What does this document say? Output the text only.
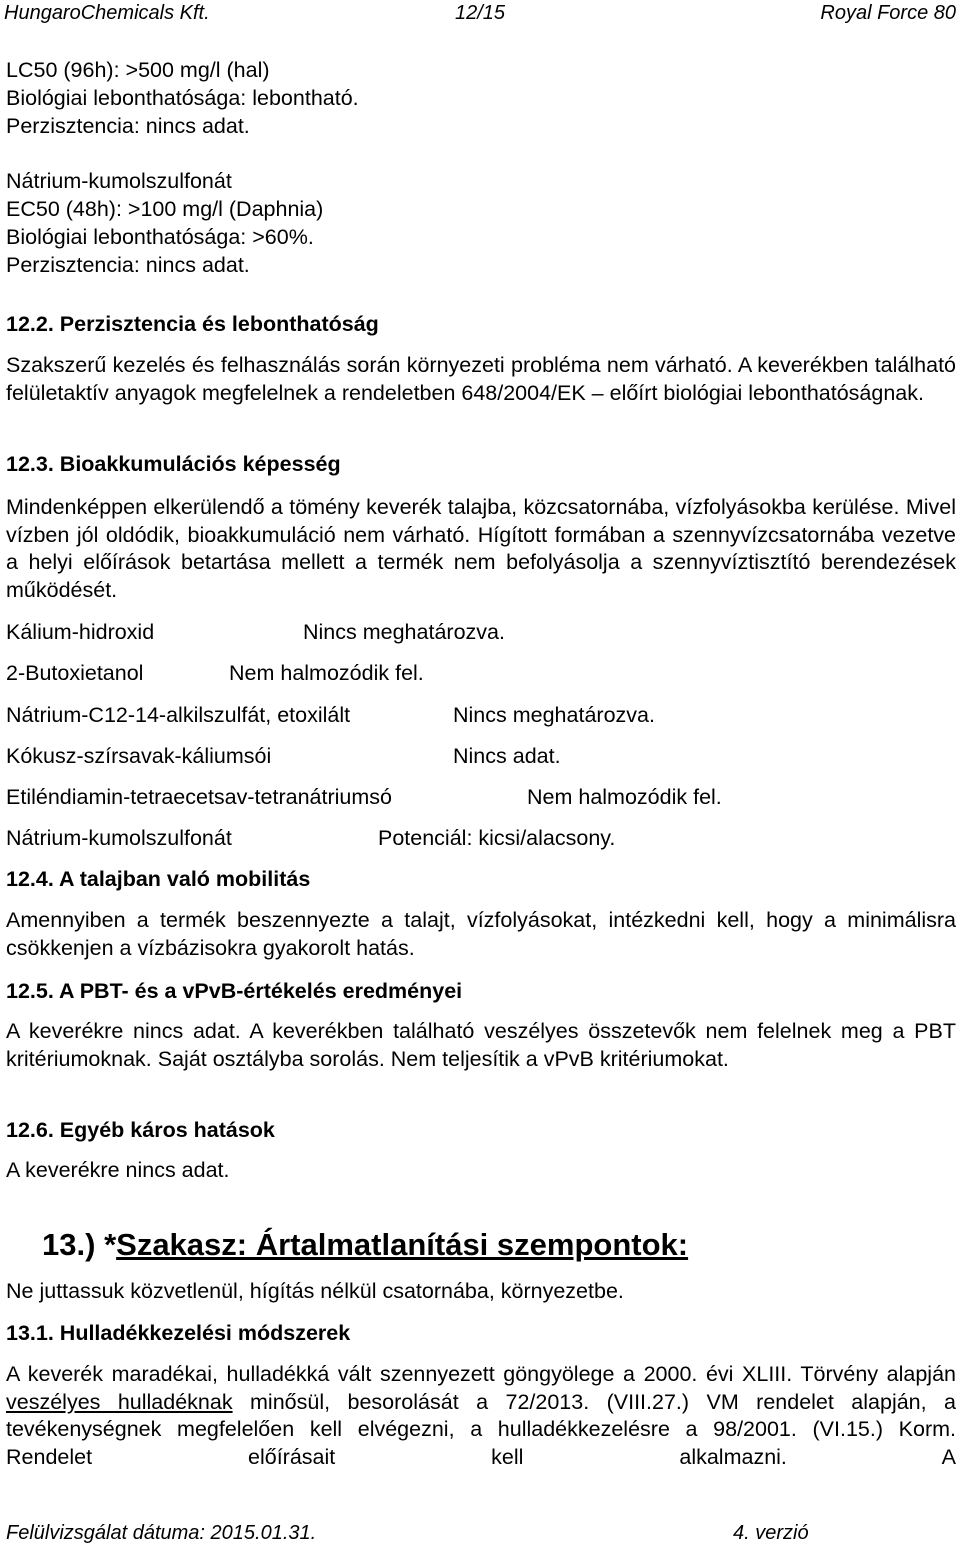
HungaroChemicals Kft.	12/15	Royal Force 80
LC50 (96h): >500 mg/l (hal)
Biológiai lebonthatósága: lebontható.
Perzisztencia: nincs adat.
Nátrium-kumolszulfonát
EC50 (48h): >100 mg/l (Daphnia)
Biológiai lebonthatósága: >60%.
Perzisztencia: nincs adat.
12.2. Perzisztencia és lebonthatóság
Szakszerű kezelés és felhasználás során környezeti probléma nem várható. A keverékben található felületaktív anyagok megfelelnek a rendeletben 648/2004/EK – előírt biológiai lebonthatóságnak.
12.3. Bioakkumulációs képesség
Mindenképpen elkerülendő a tömény keverék talajba, közcsatornába, vízfolyásokba kerülése. Mivel vízben jól oldódik, bioakkumuláció nem várható. Hígított formában a szennyvízcsatornába vezetve a helyi előírások betartása mellett a termék nem befolyásolja a szennyvíztisztító berendezések működését.
Kálium-hidroxid	Nincs meghatározva.
2-Butoxietanol	Nem halmozódik fel.
Nátrium-C12-14-alkilszulfát, etoxilált	Nincs meghatározva.
Kókusz-szírsavak-káliumsói	Nincs adat.
Etiléndiamin-tetraecetsav-tetranátriumsó	Nem halmozódik fel.
Nátrium-kumolszulfonát	Potenciál: kicsi/alacsony.
12.4. A talajban való mobilitás
Amennyiben a termék beszennyezte a talajt, vízfolyásokat, intézkedni kell, hogy a minimálisra csökkenjen a vízbázisokra gyakorolt hatás.
12.5. A PBT- és a vPvB-értékelés eredményei
A keverékre nincs adat. A keverékben található veszélyes összetevők nem felelnek meg a PBT kritériumoknak. Saját osztályba sorolás. Nem teljesítik a vPvB kritériumokat.
12.6. Egyéb káros hatások
A keverékre nincs adat.
13.) *Szakasz: Ártalmatlanítási szempontok:
Ne juttassuk közvetlenül, hígítás nélkül csatornába, környezetbe.
13.1. Hulladékkezelési módszerek
A keverék maradékai, hulladékká vált szennyezett göngyölege a 2000. évi XLIII. Törvény alapján veszélyes hulladéknak minősül, besorolását a 72/2013. (VIII.27.) VM rendelet alapján, a tevékenységnek megfelelően kell elvégezni, a hulladékkezelésre a 98/2001. (VI.15.) Korm. Rendelet előírásait kell alkalmazni. A
Felülvizsgálat dátuma: 2015.01.31.	4. verzió
